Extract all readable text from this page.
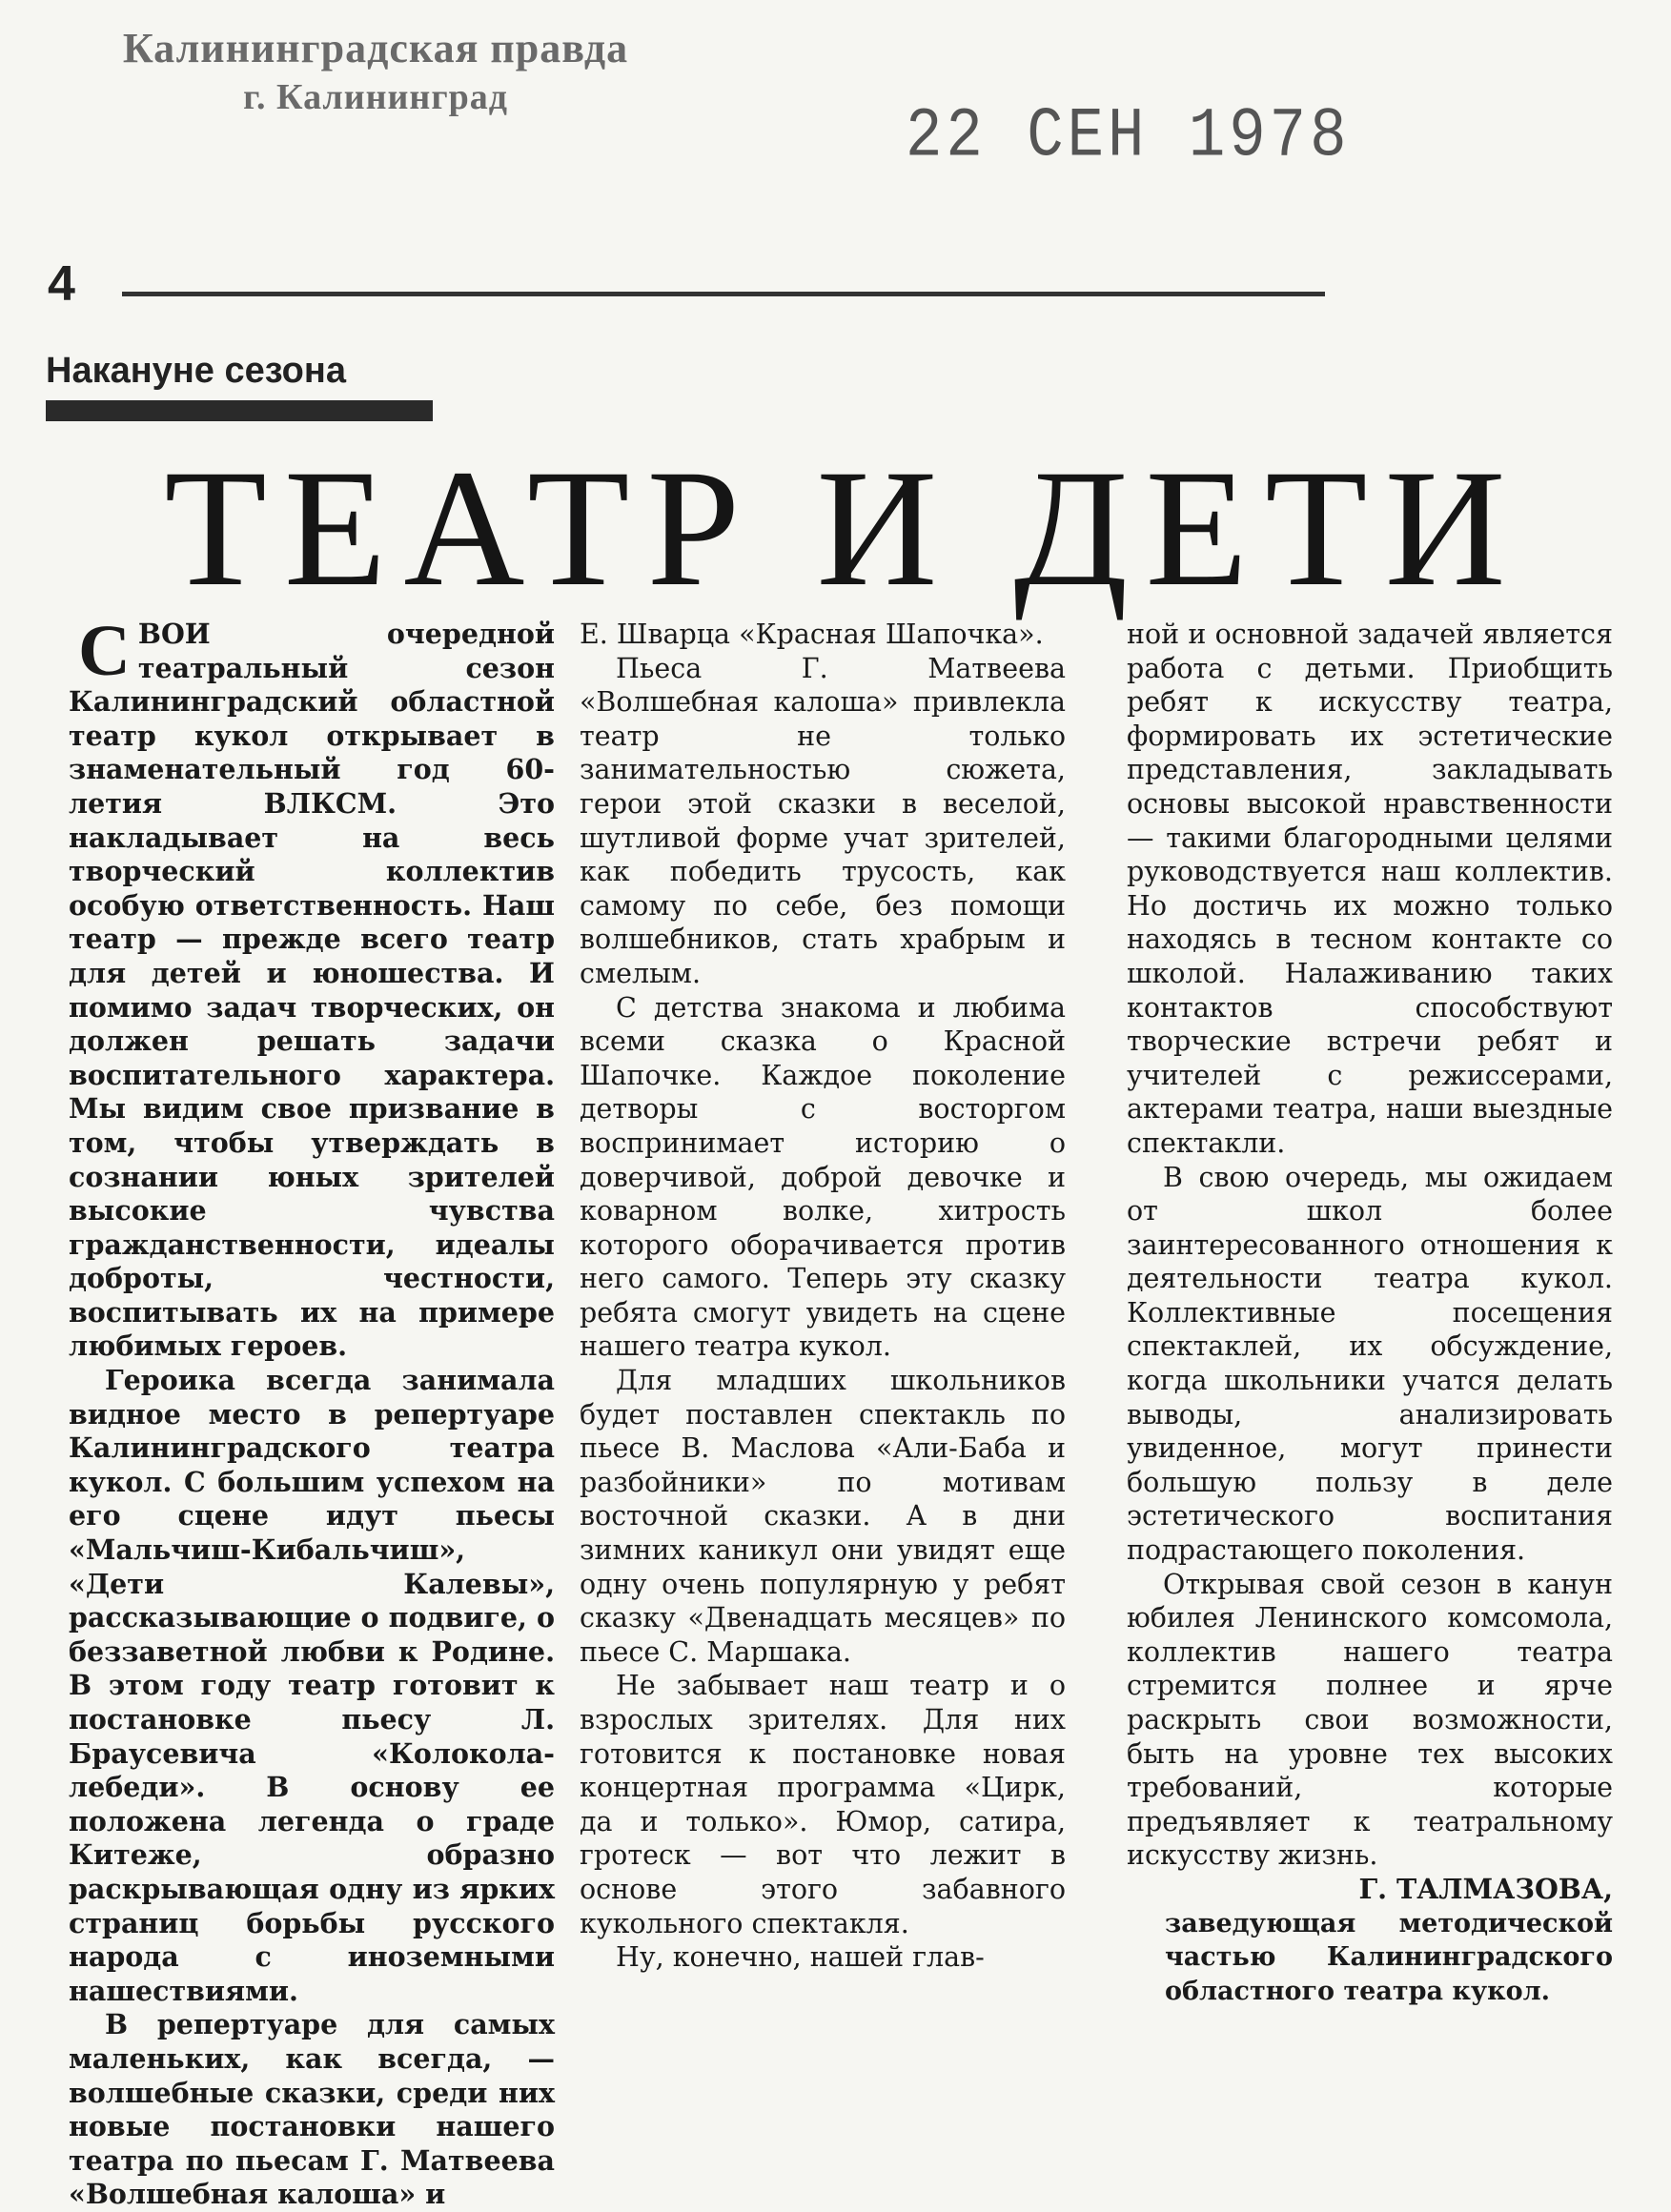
Калининградская правда
г. Калининград
22 СЕН 1978
4
Накануне сезона
ТЕАТР И ДЕТИ

СВОИ очередной театральный сезон Калининградский областной театр кукол открывает в знаменательный год 60-летия ВЛКСМ. Это накладывает на весь творческий коллектив особую ответственность. Наш театр — прежде всего театр для детей и юношества. И помимо задач творческих, он должен решать задачи воспитательного характера. Мы видим свое призвание в том, чтобы утверждать в сознании юных зрителей высокие чувства гражданственности, идеалы доброты, честности, воспитывать их на примере любимых героев.

Героика всегда занимала видное место в репертуаре Калининградского театра кукол. С большим успехом на его сцене идут пьесы «Мальчиш-Кибальчиш», «Дети Калевы», рассказывающие о подвиге, о беззаветной любви к Родине. В этом году театр готовит к постановке пьесу Л. Браусевича «Колокола-лебеди». В основу ее положена легенда о граде Китеже, образно раскрывающая одну из ярких страниц борьбы русского народа с иноземными нашествиями.

В репертуаре для самых маленьких, как всегда, — волшебные сказки, среди них новые постановки нашего театра по пьесам Г. Матвеева «Волшебная калоша» и

Е. Шварца «Красная Шапочка».

Пьеса Г. Матвеева «Волшебная калоша» привлекла театр не только занимательностью сюжета, герои этой сказки в веселой, шутливой форме учат зрителей, как победить трусость, как самому по себе, без помощи волшебников, стать храбрым и смелым.

С детства знакома и любима всеми сказка о Красной Шапочке. Каждое поколение детворы с восторгом воспринимает историю о доверчивой, доброй девочке и коварном волке, хитрость которого оборачивается против него самого. Теперь эту сказку ребята смогут увидеть на сцене нашего театра кукол.

Для младших школьников будет поставлен спектакль по пьесе В. Маслова «Али-Баба и разбойники» по мотивам восточной сказки. А в дни зимних каникул они увидят еще одну очень популярную у ребят сказку «Двенадцать месяцев» по пьесе С. Маршака.

Не забывает наш театр и о взрослых зрителях. Для них готовится к постановке новая концертная программа «Цирк, да и только». Юмор, сатира, гротеск — вот что лежит в основе этого забавного кукольного спектакля.

Ну, конечно, нашей глав-

ной и основной задачей является работа с детьми. Приобщить ребят к искусству театра, формировать их эстетические представления, закладывать основы высокой нравственности — такими благородными целями руководствуется наш коллектив. Но достичь их можно только находясь в тесном контакте со школой. Налаживанию таких контактов способствуют творческие встречи ребят и учителей с режиссерами, актерами театра, наши выездные спектакли.

В свою очередь, мы ожидаем от школ более заинтересованного отношения к деятельности театра кукол. Коллективные посещения спектаклей, их обсуждение, когда школьники учатся делать выводы, анализировать увиденное, могут принести большую пользу в деле эстетического воспитания подрастающего поколения.

Открывая свой сезон в канун юбилея Ленинского комсомола, коллектив нашего театра стремится полнее и ярче раскрыть свои возможности, быть на уровне тех высоких требований, которые предъявляет к театральному искусству жизнь.

Г. ТАЛМАЗОВА,

заведующая методической частью Калининградского областного театра кукол.
